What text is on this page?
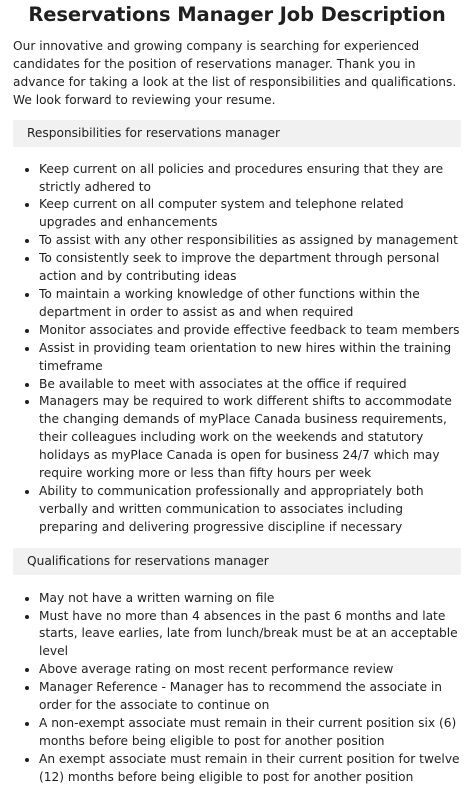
Reservations Manager Job Description

Our innovative and growing company is searching for experienced candidates for the position of reservations manager. Thank you in advance for taking a look at the list of responsibilities and qualifications. We look forward to reviewing your resume.

Responsibilities for reservations manager
• Keep current on all policies and procedures ensuring that they are strictly adhered to
• Keep current on all computer system and telephone related upgrades and enhancements
• To assist with any other responsibilities as assigned by management
• To consistently seek to improve the department through personal action and by contributing ideas
• To maintain a working knowledge of other functions within the department in order to assist as and when required
• Monitor associates and provide effective feedback to team members
• Assist in providing team orientation to new hires within the training timeframe
• Be available to meet with associates at the office if required
• Managers may be required to work different shifts to accommodate the changing demands of myPlace Canada business requirements, their colleagues including work on the weekends and statutory holidays as myPlace Canada is open for business 24/7 which may require working more or less than fifty hours per week
• Ability to communication professionally and appropriately both verbally and written communication to associates including preparing and delivering progressive discipline if necessary
Qualifications for reservations manager
• May not have a written warning on file
• Must have no more than 4 absences in the past 6 months and late starts, leave earlies, late from lunch/break must be at an acceptable level
• Above average rating on most recent performance review
• Manager Reference - Manager has to recommend the associate in order for the associate to continue on
• A non-exempt associate must remain in their current position six (6) months before being eligible to post for another position
• An exempt associate must remain in their current position for twelve (12) months before being eligible to post for another position
